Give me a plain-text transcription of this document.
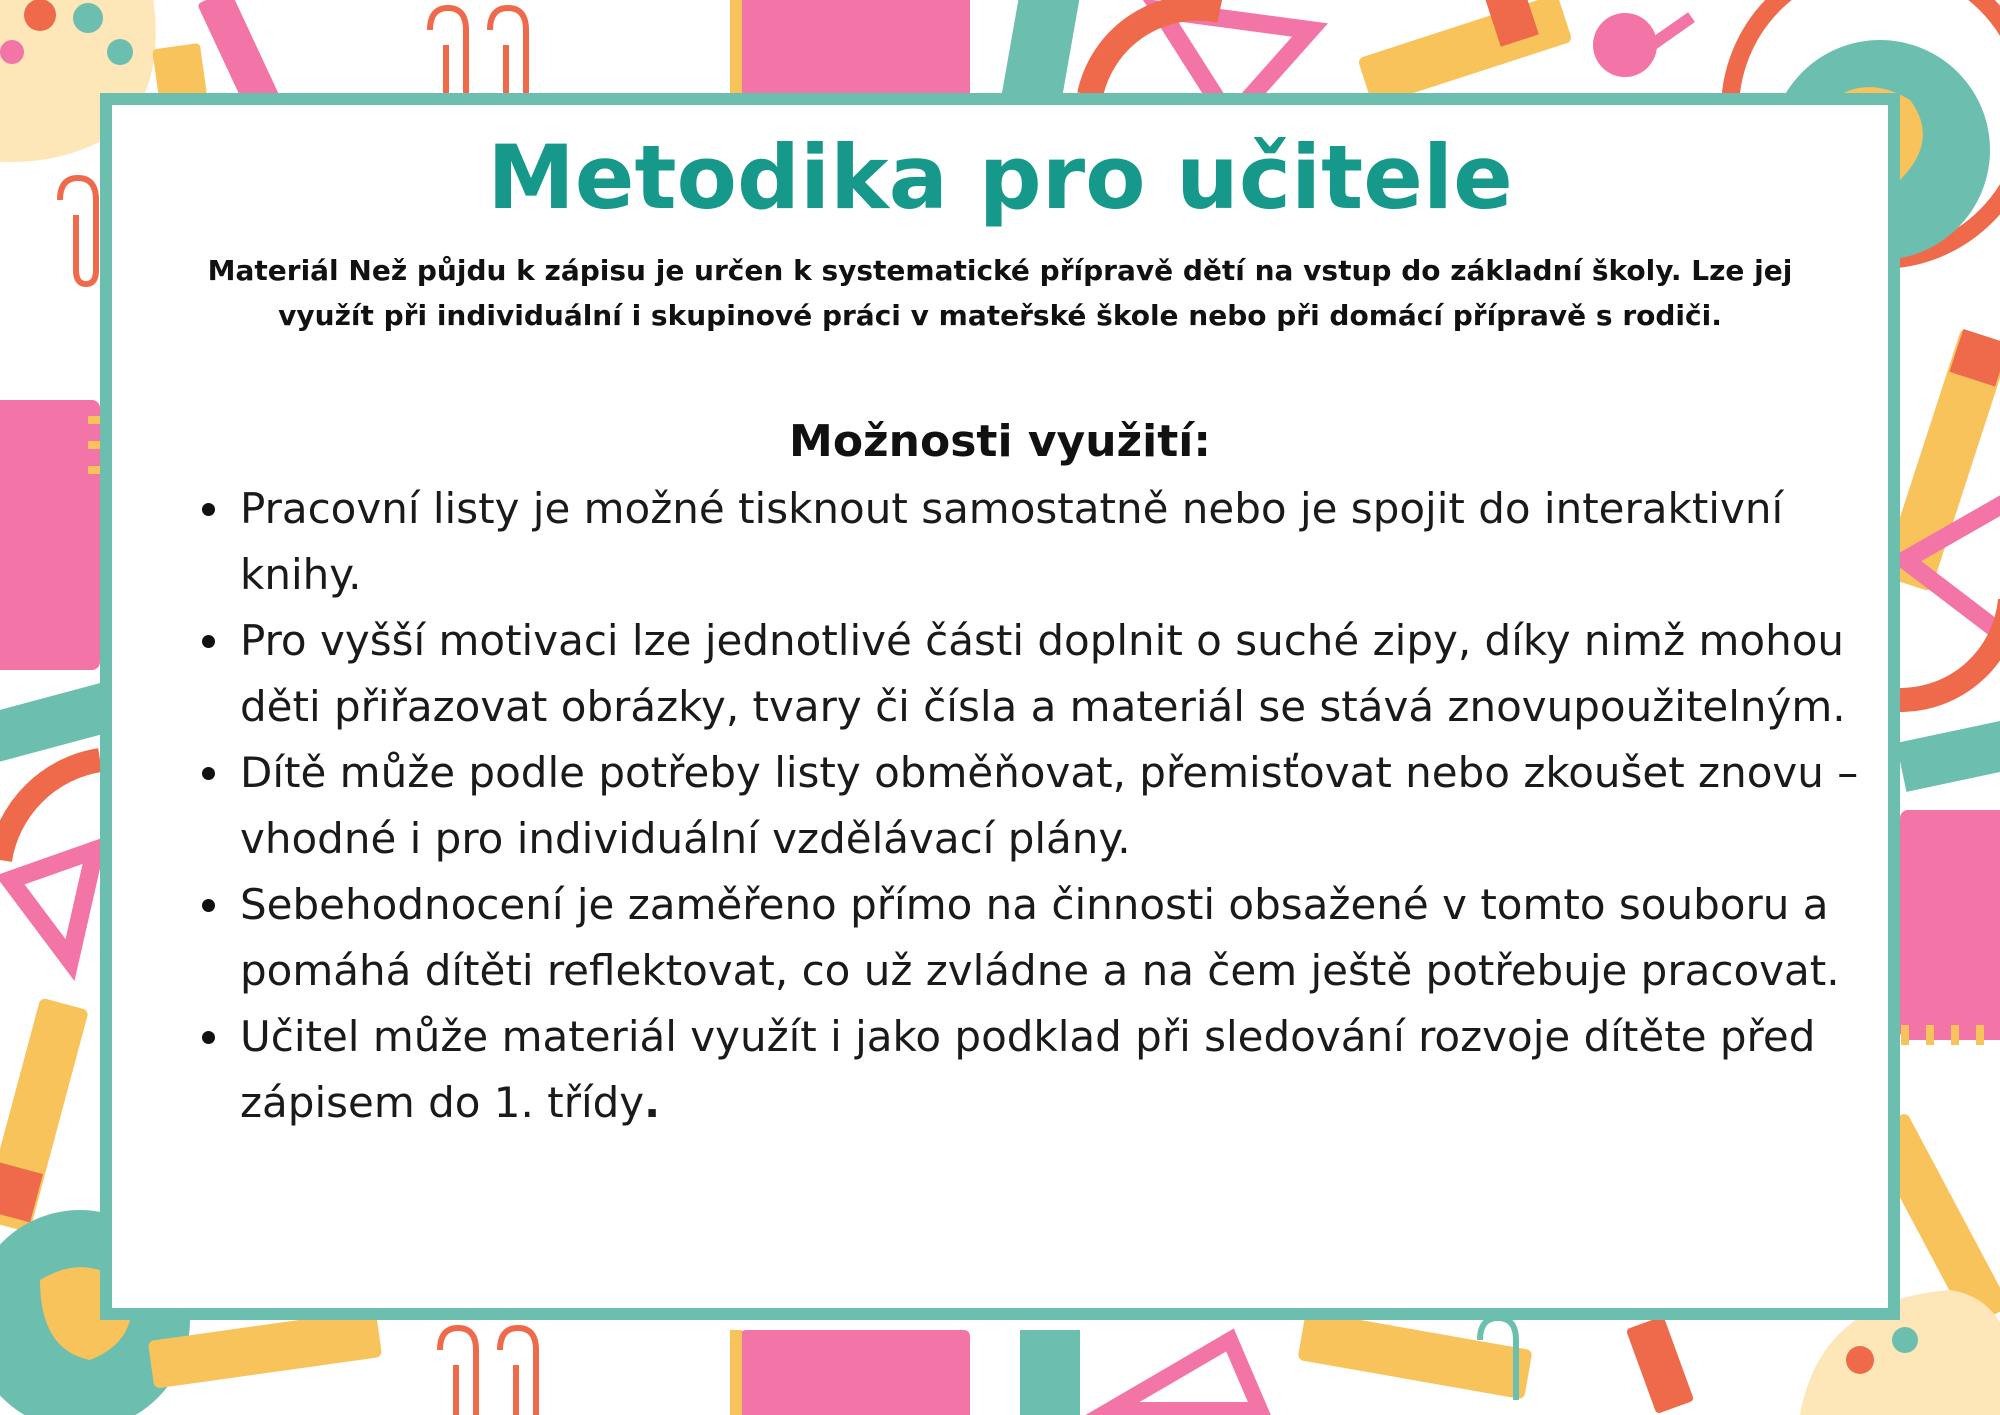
Metodika pro učitele

Materiál Než půjdu k zápisu je určen k systematické přípravě dětí na vstup do základní školy. Lze jej využít při individuální i skupinové práci v mateřské škole nebo při domácí přípravě s rodiči.

Možnosti využití:
Pracovní listy je možné tisknout samostatně nebo je spojit do interaktivní knihy.
Pro vyšší motivaci lze jednotlivé části doplnit o suché zipy, díky nimž mohou děti přiřazovat obrázky, tvary či čísla a materiál se stává znovupoužitelným.
Dítě může podle potřeby listy obměňovat, přemisťovat nebo zkoušet znovu – vhodné i pro individuální vzdělávací plány.
Sebehodnocení je zaměřeno přímo na činnosti obsažené v tomto souboru a pomáhá dítěti reflektovat, co už zvládne a na čem ještě potřebuje pracovat.
Učitel může materiál využít i jako podklad při sledování rozvoje dítěte před zápisem do 1. třídy.
